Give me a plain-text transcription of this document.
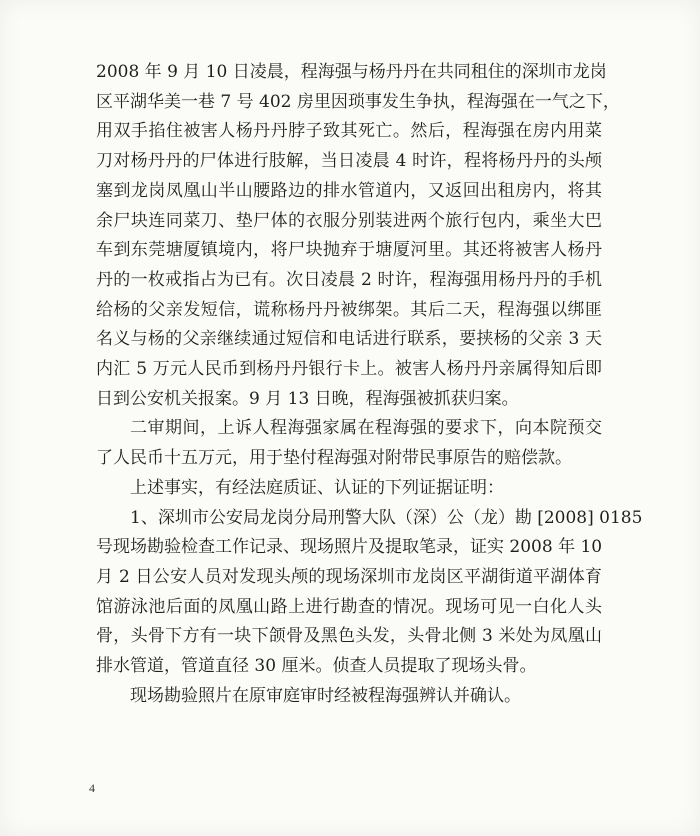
2008 年 9 月 10 日凌晨，程海强与杨丹丹在共同租住的深圳市龙岗
区平湖华美一巷 7 号 402 房里因琐事发生争执，程海强在一气之下，
用双手掐住被害人杨丹丹脖子致其死亡。然后，程海强在房内用菜
刀对杨丹丹的尸体进行肢解，当日凌晨 4 时许，程将杨丹丹的头颅
塞到龙岗凤凰山半山腰路边的排水管道内，又返回出租房内，将其
余尸块连同菜刀、垫尸体的衣服分别装进两个旅行包内，乘坐大巴
车到东莞塘厦镇境内，将尸块抛弃于塘厦河里。其还将被害人杨丹
丹的一枚戒指占为已有。次日凌晨 2 时许，程海强用杨丹丹的手机
给杨的父亲发短信，谎称杨丹丹被绑架。其后二天，程海强以绑匪
名义与杨的父亲继续通过短信和电话进行联系，要挟杨的父亲 3 天
内汇 5 万元人民币到杨丹丹银行卡上。被害人杨丹丹亲属得知后即
日到公安机关报案。9 月 13 日晚，程海强被抓获归案。
二审期间，上诉人程海强家属在程海强的要求下，向本院预交
了人民币十五万元，用于垫付程海强对附带民事原告的赔偿款。
上述事实，有经法庭质证、认证的下列证据证明：
1、深圳市公安局龙岗分局刑警大队（深）公（龙）勘 [2008] 0185
号现场勘验检查工作记录、现场照片及提取笔录，证实 2008 年 10
月 2 日公安人员对发现头颅的现场深圳市龙岗区平湖街道平湖体育
馆游泳池后面的凤凰山路上进行勘查的情况。现场可见一白化人头
骨，头骨下方有一块下颌骨及黑色头发，头骨北侧 3 米处为凤凰山
排水管道，管道直径 30 厘米。侦查人员提取了现场头骨。
现场勘验照片在原审庭审时经被程海强辨认并确认。
4
